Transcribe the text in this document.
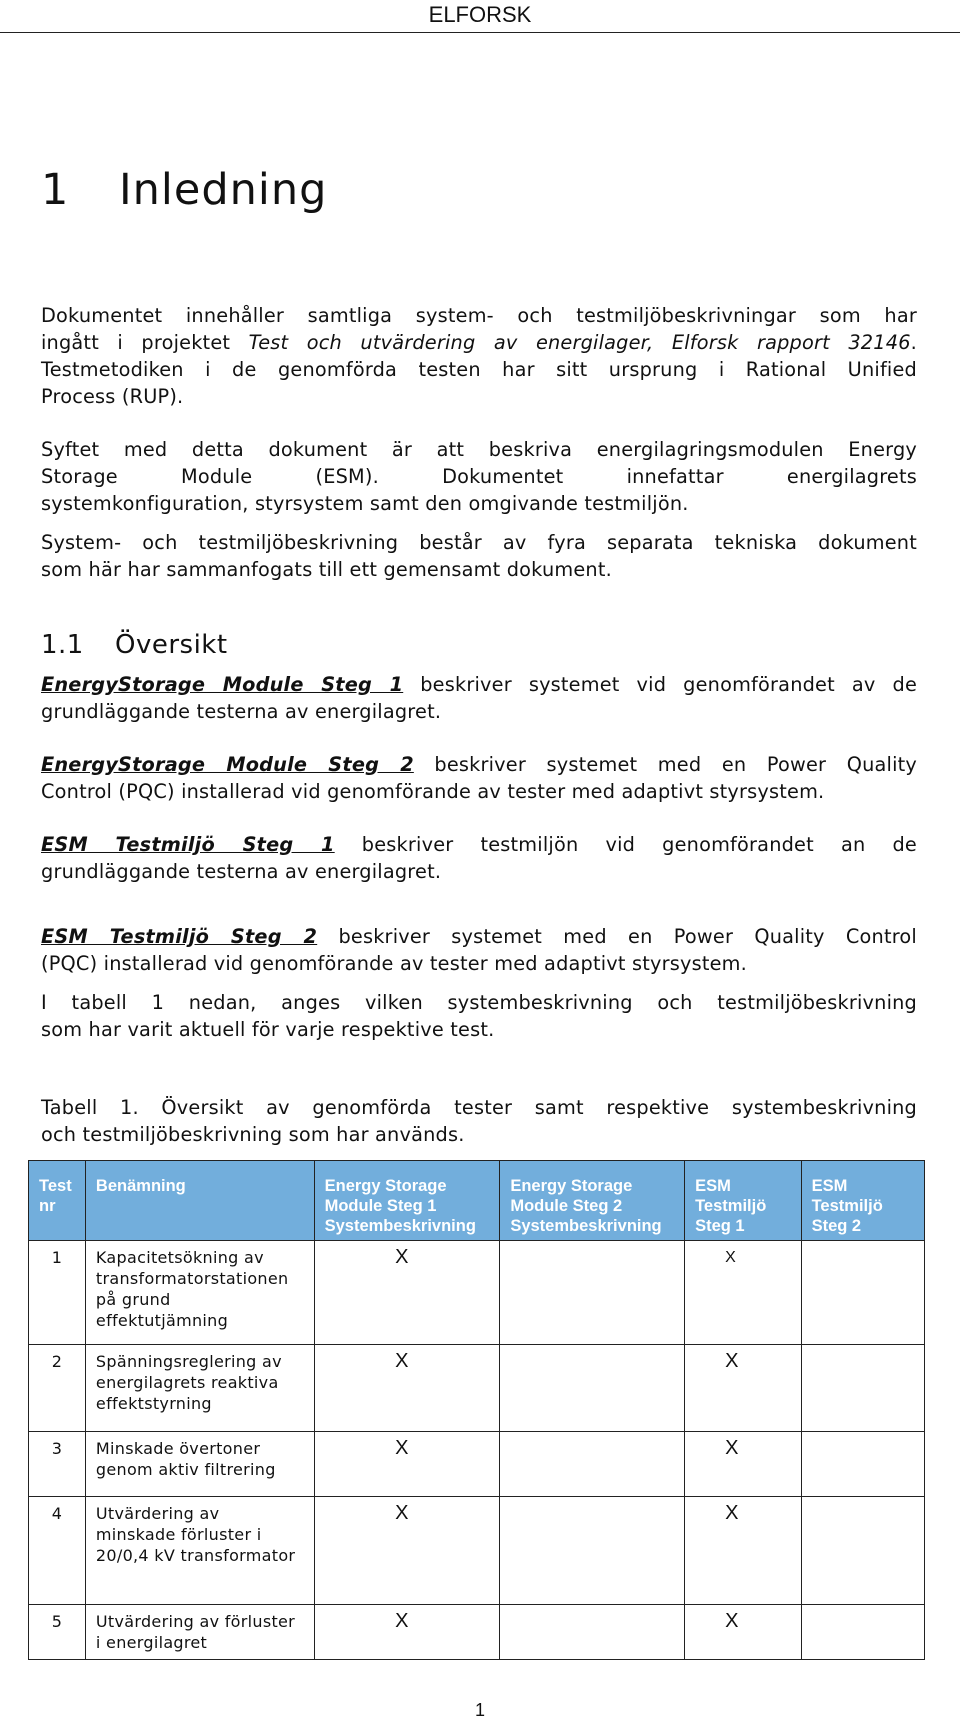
ELFORSK
1 Inledning
Dokumentet innehåller samtliga system- och testmiljöbeskrivningar som har
ingått i projektet Test och utvärdering av energilager, Elforsk rapport 32146.
Testmetodiken i de genomförda testen har sitt ursprung i Rational Unified
Process (RUP).
Syftet med detta dokument är att beskriva energilagringsmodulen Energy
Storage Module (ESM). Dokumentet innefattar energilagrets
systemkonfiguration, styrsystem samt den omgivande testmiljön.
System- och testmiljöbeskrivning består av fyra separata tekniska dokument
som här har sammanfogats till ett gemensamt dokument.
1.1 Översikt
EnergyStorage Module Steg 1 beskriver systemet vid genomförandet av de
grundläggande testerna av energilagret.
EnergyStorage Module Steg 2 beskriver systemet med en Power Quality
Control (PQC) installerad vid genomförande av tester med adaptivt styrsystem.
ESM Testmiljö Steg 1 beskriver testmiljön vid genomförandet an de
grundläggande testerna av energilagret.
ESM Testmiljö Steg 2 beskriver systemet med en Power Quality Control
(PQC) installerad vid genomförande av tester med adaptivt styrsystem.
I tabell 1 nedan, anges vilken systembeskrivning och testmiljöbeskrivning
som har varit aktuell för varje respektive test.
Tabell 1. Översikt av genomförda tester samt respektive systembeskrivning
och testmiljöbeskrivning som har används.
Test nr	Benämning	Energy Storage Module Steg 1 Systembeskrivning	Energy Storage Module Steg 2 Systembeskrivning	ESM Testmiljö Steg 1	ESM Testmiljö Steg 2
1	Kapacitetsökning av transformatorstationen på grund effektutjämning	X		X	
2	Spänningsreglering av energilagrets reaktiva effektstyrning	X		X	
3	Minskade övertoner genom aktiv filtrering	X		X	
4	Utvärdering av minskade förluster i 20/0,4 kV transformator	X		X	
5	Utvärdering av förluster i energilagret	X		X	
1
